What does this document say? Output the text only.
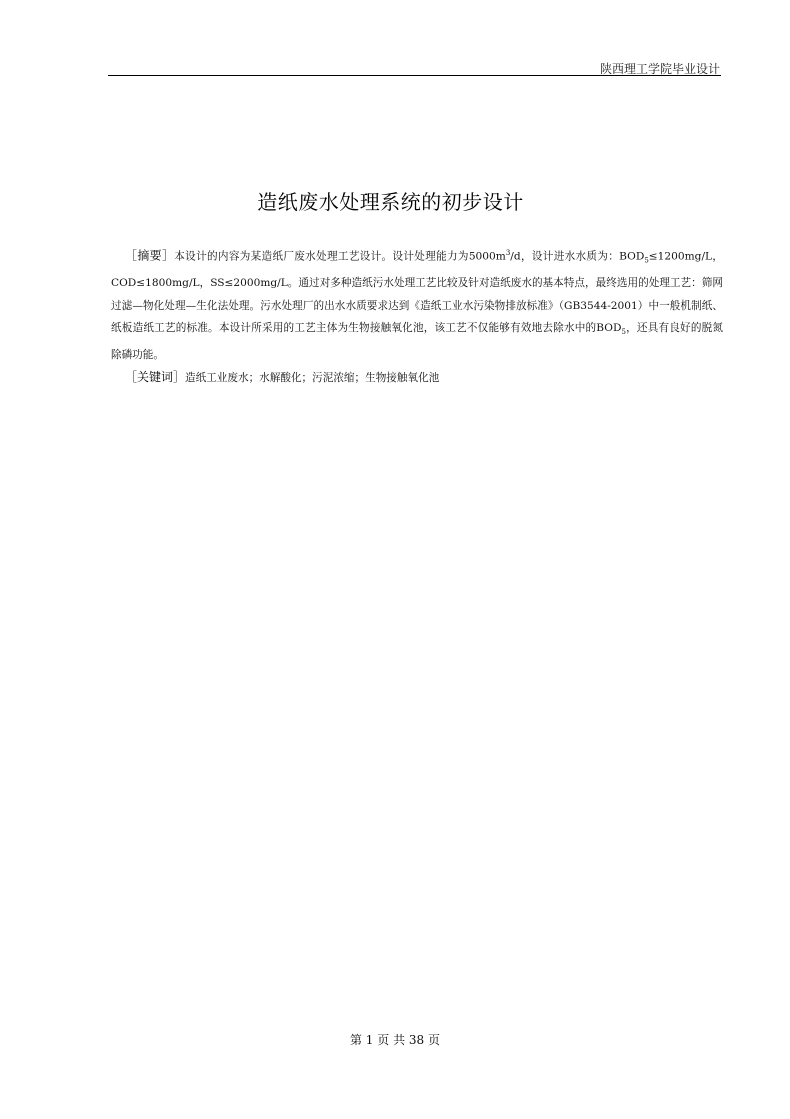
陕西理工学院毕业设计
造纸废水处理系统的初步设计

［摘要］本设计的内容为某造纸厂废水处理工艺设计。设计处理能力为$5000m^3/d$，设计进水水质为：$BOD_5\le 1200mg/L$，COD≤1800mg/L，SS≤2000mg/L。通过对多种造纸污水处理工艺比较及针对造纸废水的基本特点，最终选用的处理工艺：筛网过滤—物化处理—生化法处理。污水处理厂的出水水质要求达到《造纸工业水污染物排放标准》（GB3544-2001）中一般机制纸、纸板造纸工艺的标准。本设计所采用的工艺主体为生物接触氧化池，该工艺不仅能够有效地去除水中的$BOD_5$，还具有良好的脱氮除磷功能。

［关键词］造纸工业废水；水解酸化；污泥浓缩；生物接触氧化池

第 1 页 共 38 页
